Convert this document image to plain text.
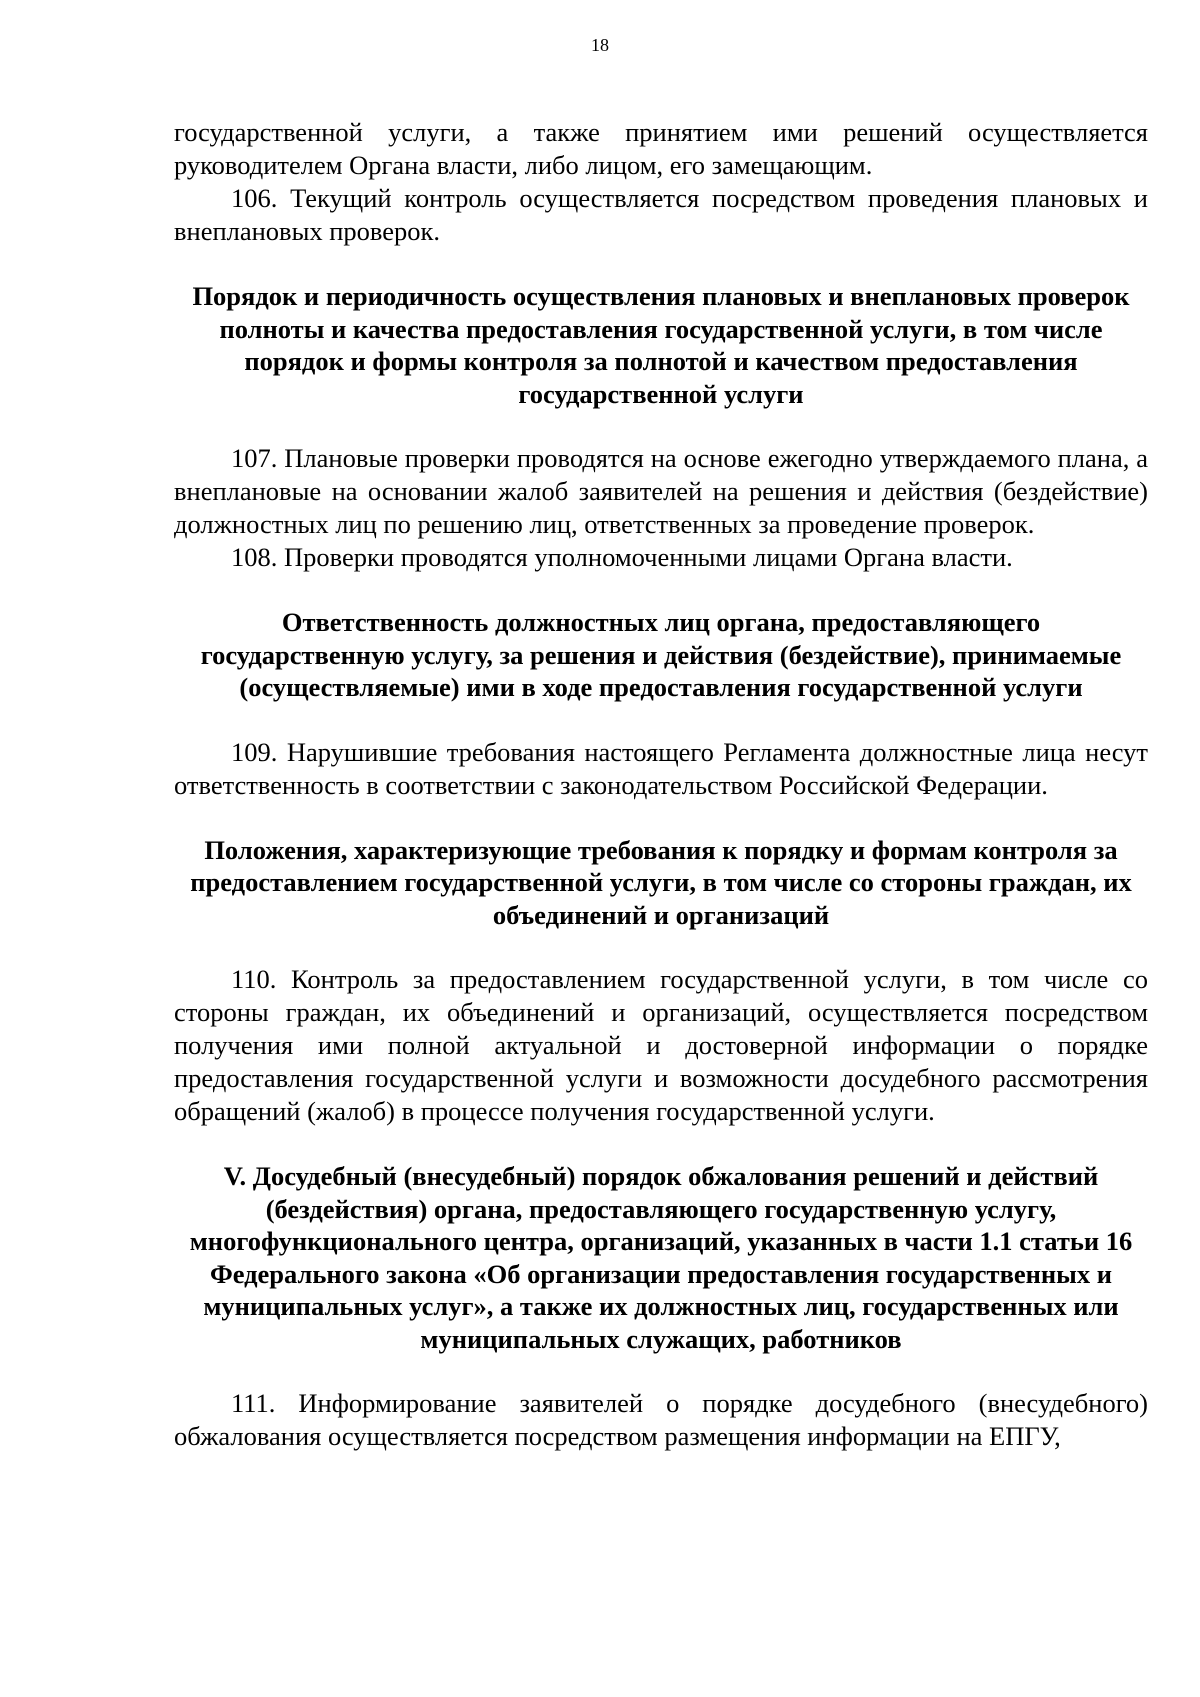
18

государственной услуги, а также принятием ими решений осуществляется руководителем Органа власти, либо лицом, его замещающим.

106. Текущий контроль осуществляется посредством проведения плановых и внеплановых проверок.

Порядок и периодичность осуществления плановых и внеплановых проверок полноты и качества предоставления государственной услуги, в том числе порядок и формы контроля за полнотой и качеством предоставления государственной услуги

107. Плановые проверки проводятся на основе ежегодно утверждаемого плана, а внеплановые на основании жалоб заявителей на решения и действия (бездействие) должностных лиц по решению лиц, ответственных за проведение проверок.

108. Проверки проводятся уполномоченными лицами Органа власти.

Ответственность должностных лиц органа, предоставляющего государственную услугу, за решения и действия (бездействие), принимаемые (осуществляемые) ими в ходе предоставления государственной услуги

109. Нарушившие требования настоящего Регламента должностные лица несут ответственность в соответствии с законодательством Российской Федерации.

Положения, характеризующие требования к порядку и формам контроля за предоставлением государственной услуги, в том числе со стороны граждан, их объединений и организаций

110. Контроль за предоставлением государственной услуги, в том числе со стороны граждан, их объединений и организаций, осуществляется посредством получения ими полной актуальной и достоверной информации о порядке предоставления государственной услуги и возможности досудебного рассмотрения обращений (жалоб) в процессе получения государственной услуги.

V. Досудебный (внесудебный) порядок обжалования решений и действий (бездействия) органа, предоставляющего государственную услугу, многофункционального центра, организаций, указанных в части 1.1 статьи 16 Федерального закона «Об организации предоставления государственных и муниципальных услуг», а также их должностных лиц, государственных или муниципальных служащих, работников

111. Информирование заявителей о порядке досудебного (внесудебного) обжалования осуществляется посредством размещения информации на ЕПГУ,
